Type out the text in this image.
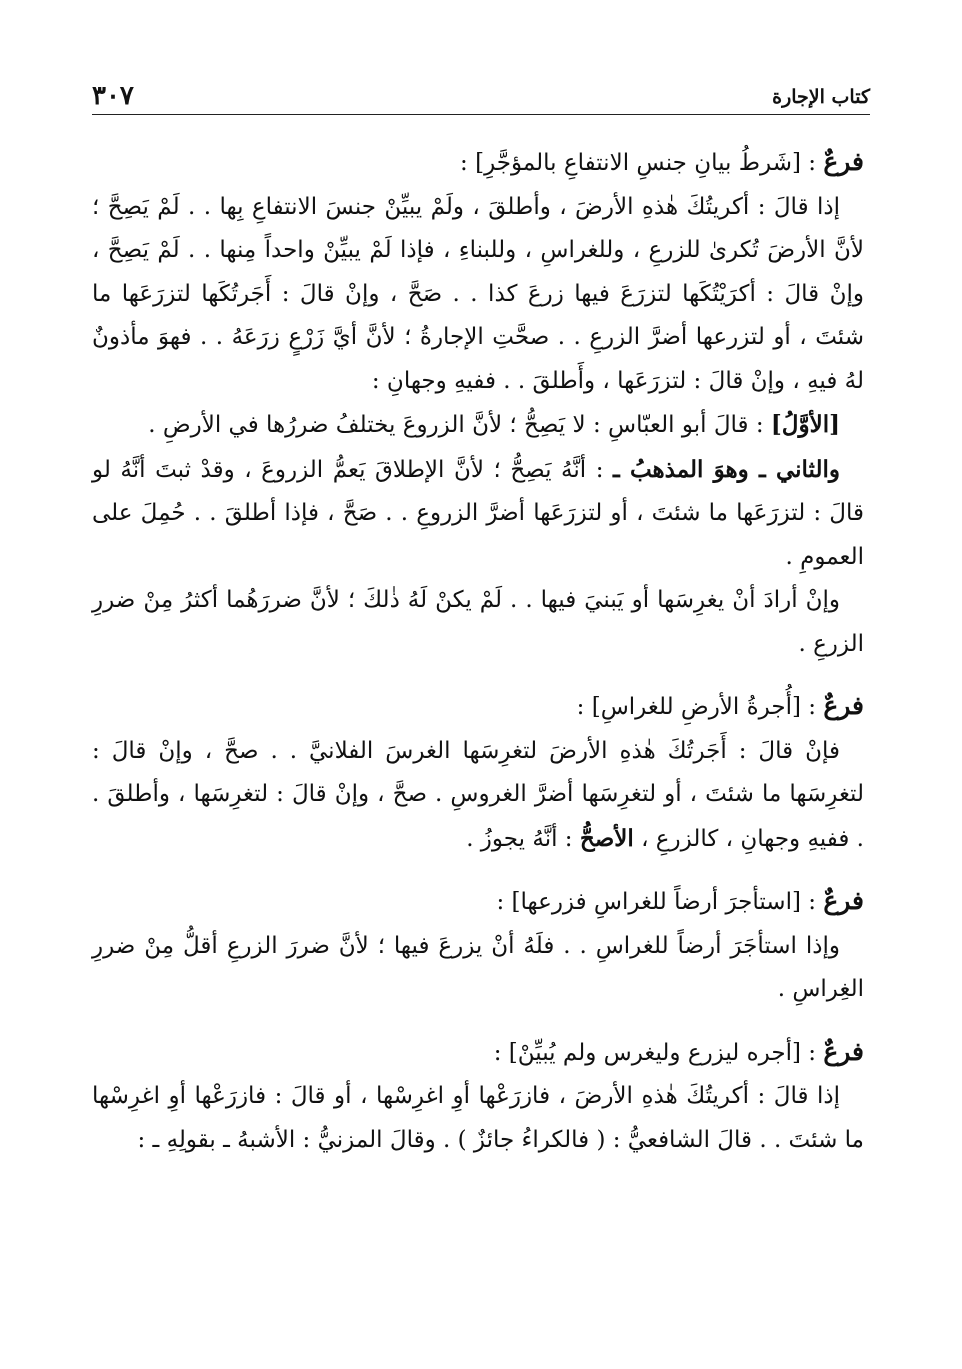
كتاب الإجارة
٣٠٧
فرعٌ : [شَرطُ بيانِ جنسِ الانتفاعِ بالمؤجَّرِ] :

إذا قالَ : أكريتُكَ هٰذهِ الأرضَ ، وأطلقَ ، ولَمْ يبيِّنْ جنسَ الانتفاعِ بِها . . لَمْ يَصِحَّ ؛ لأنَّ الأرضَ تُكرىٰ للزرعِ ، وللغراسِ ، وللبناءِ ، فإذا لَمْ يبيِّنْ واحداً مِنها . . لَمْ يَصِحَّ ، وإنْ قالَ : أكرَيْتُكَها لتزرَعَ فيها زرعَ كذا . . صَحَّ ، وإنْ قالَ : أَجَرتُكَها لتزرَعَها ما شئتَ ، أو لتزرعها أضرَّ الزرعِ . . صحَّتِ الإجارةُ ؛ لأنَّ أيَّ زَرْعٍ زرَعَهُ . . فهوَ مأذونٌ لهُ فيهِ ، وإنْ قالَ : لتزرَعَها ، وأَطلقَ . . ففيهِ وجهانِ :

[الأوَّلُ] : قالَ أبو العبّاسِ : لا يَصِحُّ ؛ لأنَّ الزروعَ يختلفُ ضررُها في الأرضِ .

والثاني ـ وهوَ المذهبُ ـ : أنَّهُ يَصِحُّ ؛ لأنَّ الإطلاقَ يَعمُّ الزروعَ ، وقدْ ثبتَ أنَّهُ لو قالَ : لتزرَعَها ما شئتَ ، أو لتزرَعَها أضرَّ الزروعِ . . صَحَّ ، فإذا أطلقَ . . حُمِلَ على العمومِ .

وإنْ أرادَ أنْ يغرِسَها أو يَبنيَ فيها . . لَمْ يكنْ لَهُ ذٰلكَ ؛ لأنَّ ضررَهُما أكثرُ مِنْ ضررِ الزرعِ .

فرعٌ : [أُجرةُ الأرضِ للغراسِ] :

فإنْ قالَ : أَجَرتُكَ هٰذهِ الأرضَ لتغرِسَها الغرسَ الفلانيَّ . . صحَّ ، وإنْ قالَ : لتغرِسَها ما شئتَ ، أو لتغرِسَها أضرَّ الغروسِ . صحَّ ، وإنْ قالَ : لتغرِسَها ، وأطلقَ . . ففيهِ وجهانِ ، كالزرعِ ، الأصحُّ : أنَّهُ يجوزُ .

فرعٌ : [استأجرَ أرضاً للغراسِ فزرعها] :

وإذا استأجَرَ أرضاً للغراسِ . . فلَهُ أنْ يزرعَ فيها ؛ لأنَّ ضررَ الزرعِ أقلُّ مِنْ ضررِ الغِراسِ .

فرعٌ : [أجره ليزرع وليغرس ولم يُبيِّنْ] :

إذا قالَ : أكريتُكَ هٰذهِ الأرضَ ، فازرَعْها أوِ اغرِسْها ، أو قالَ : فازرَعْها أوِ اغرِسْها ما شئتَ . . قالَ الشافعيُّ : ( فالكراءُ جائزٌ ) . وقالَ المزنيُّ : الأشبهُ ـ بقولِهِ ـ :
